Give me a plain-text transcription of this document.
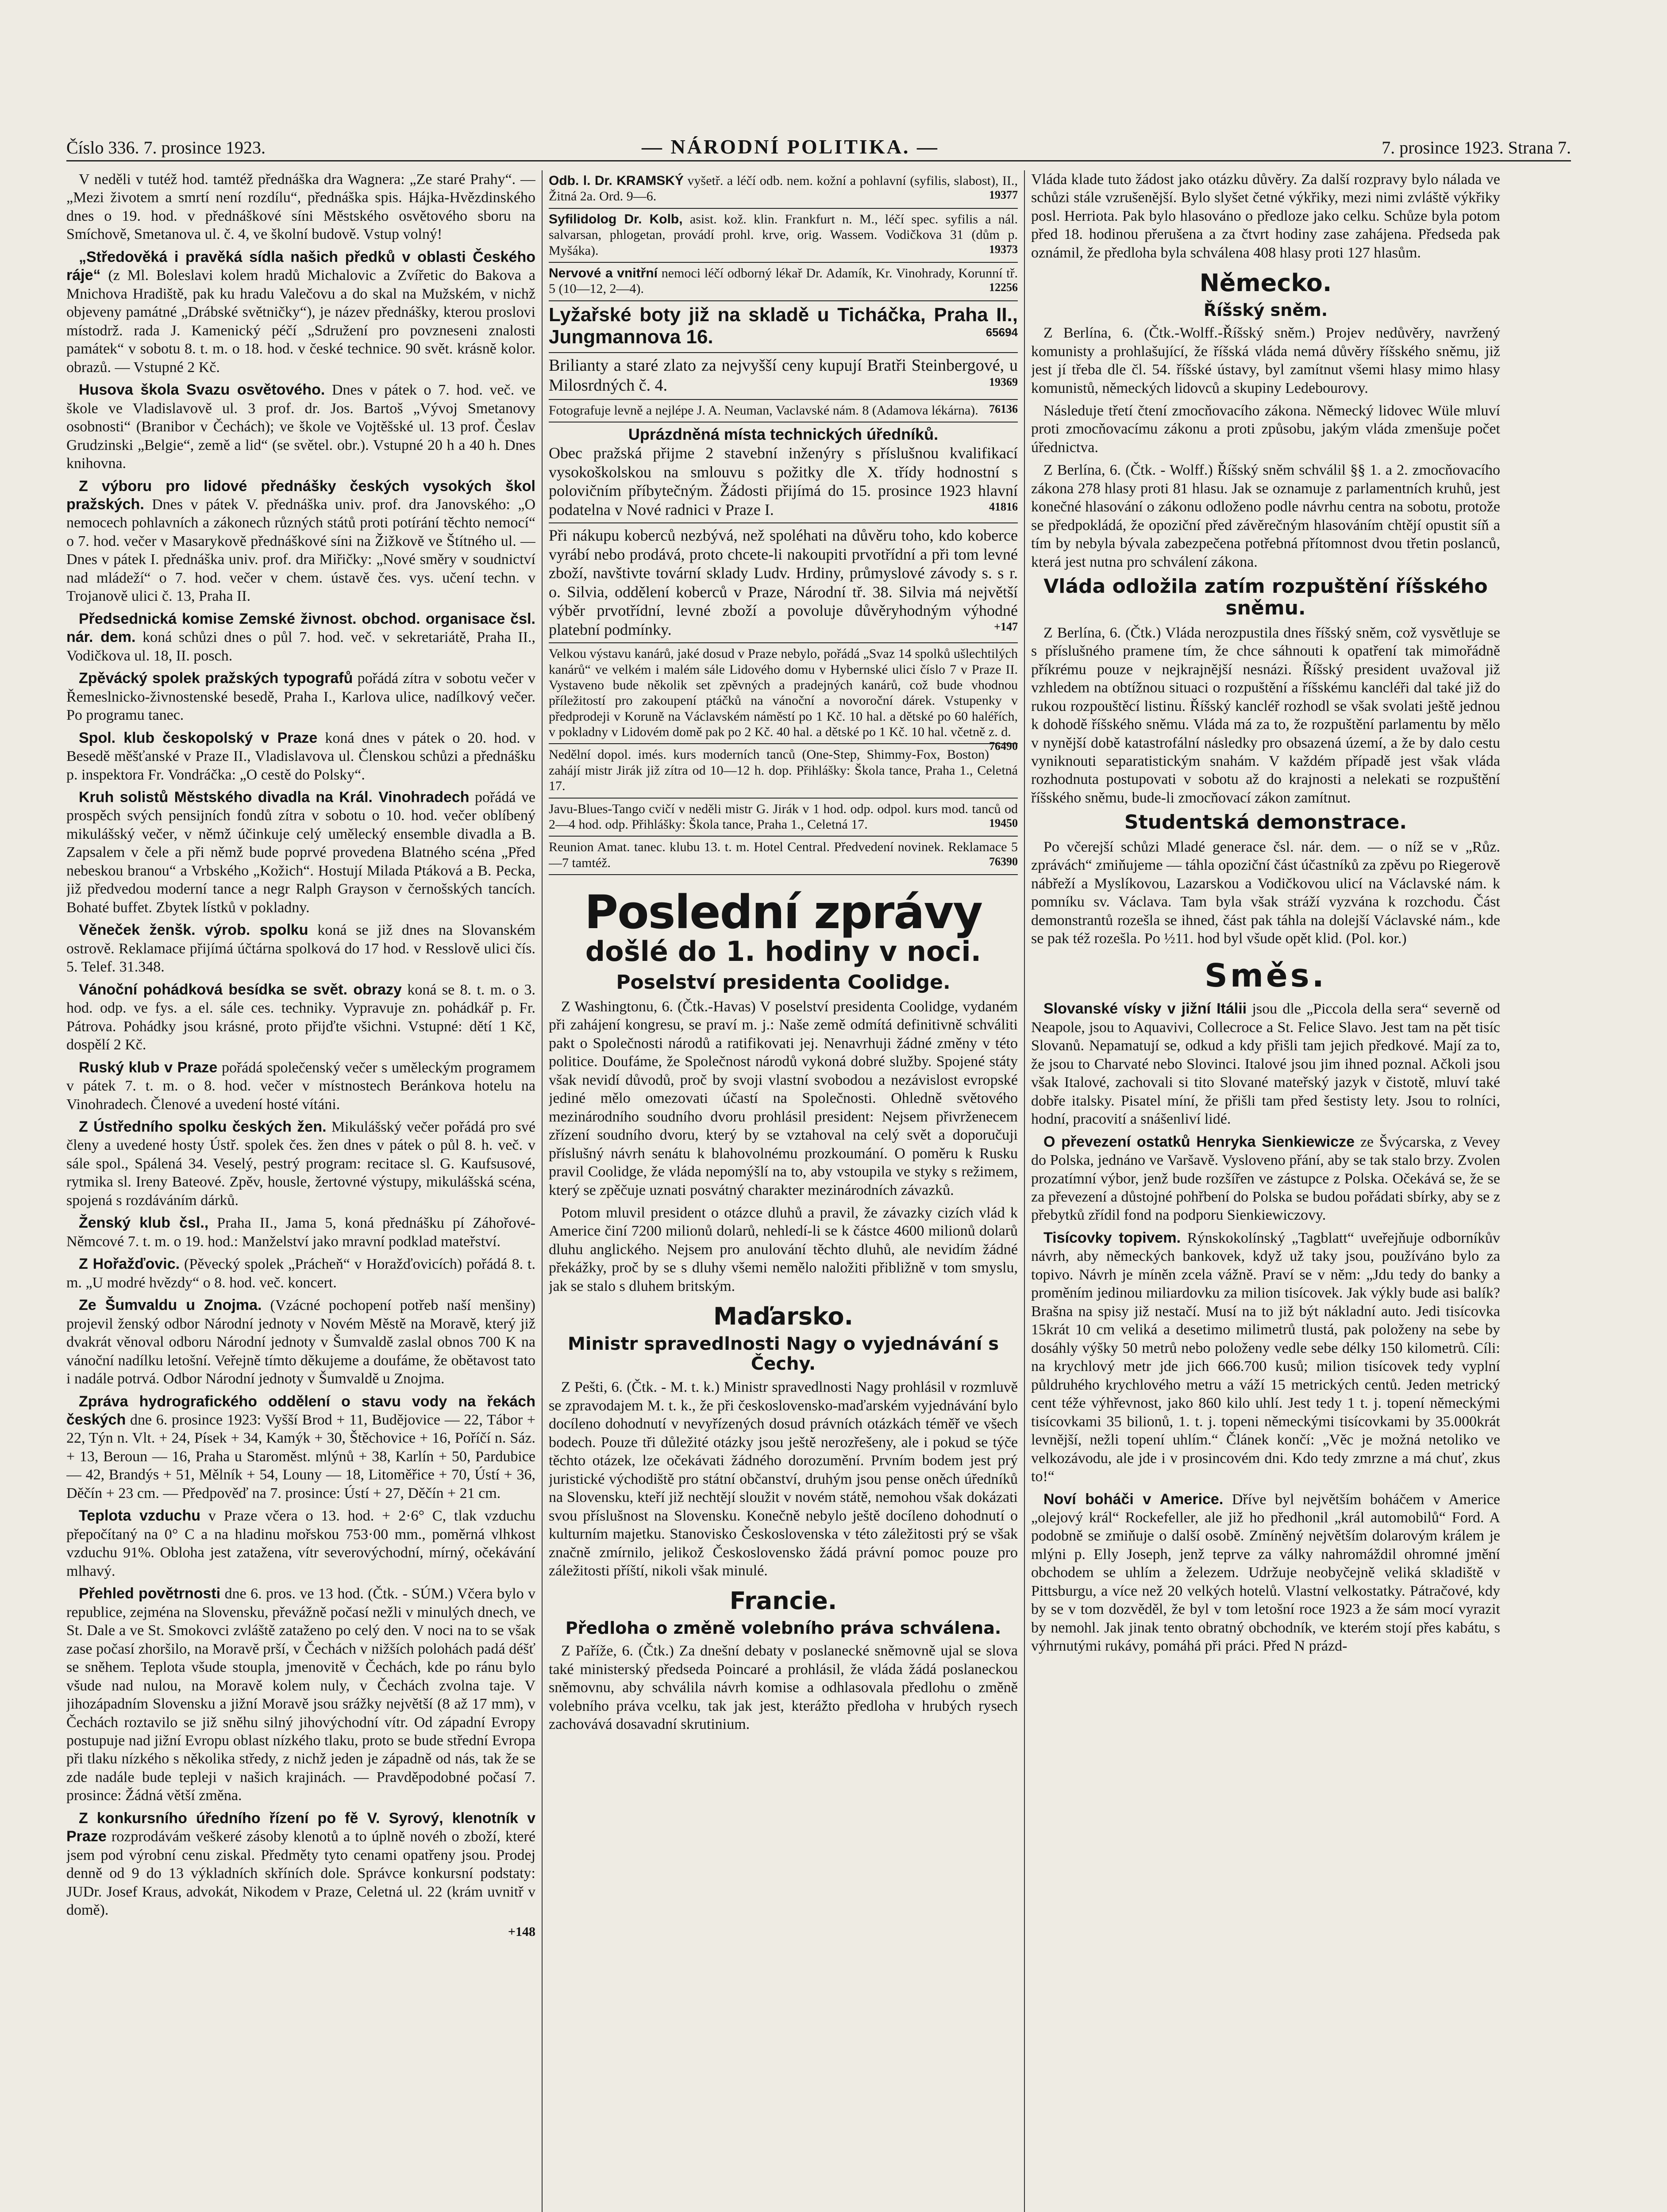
Číslo 336. 7. prosince 1923.	— NÁRODNÍ POLITIKA. —	7. prosince 1923. Strana 7.

V neděli v tutéž hod. tamtéž přednáška dra Wagnera: „Ze staré Prahy“. — „Mezi životem a smrtí není rozdílu“, přednáška spis. Hájka-Hvězdinského dnes o 19. hod. v přednáškové síni Městského osvětového sboru na Smíchově, Smetanova ul. č. 4, ve školní budově. Vstup volný!

„Středověká i pravěká sídla našich předků v oblasti Českého ráje“ (z Ml. Boleslavi kolem hradů Michalovic a Zvířetic do Bakova a Mnichova Hradiště, pak ku hradu Valečovu a do skal na Mužském, v nichž objeveny památné „Drábské světničky“), je název přednášky, kterou proslovi místodrž. rada J. Kamenický péčí „Sdružení pro povzneseni znalosti památek“ v sobotu 8. t. m. o 18. hod. v české technice. 90 svět. krásně kolor. obrazů. — Vstupné 2 Kč.

Husova škola Svazu osvětového. Dnes v pátek o 7. hod. več. ve škole ve Vladislavově ul. 3 prof. dr. Jos. Bartoš „Vývoj Smetanovy osobnosti“ (Branibor v Čechách); ve škole ve Vojtěšské ul. 13 prof. Česlav Grudzinski „Belgie“, země a lid“ (se světel. obr.). Vstupné 20 h a 40 h. Dnes knihovna.

Z výboru pro lidové přednášky českých vysokých škol pražských. Dnes v pátek V. přednáška univ. prof. dra Janovského: „O nemocech pohlavních a zákonech různých států proti potírání těchto nemocí“ o 7. hod. večer v Masarykově přednáškové síni na Žižkově ve Štítného ul. — Dnes v pátek I. přednáška univ. prof. dra Miřičky: „Nové směry v soudnictví nad mládeží“ o 7. hod. večer v chem. ústavě čes. vys. učení techn. v Trojanově ulici č. 13, Praha II.

Předsednická komise Zemské živnost. obchod. organisace čsl. nár. dem. koná schůzi dnes o půl 7. hod. več. v sekretariátě, Praha II., Vodičkova ul. 18, II. posch.

Zpěvácký spolek pražských typografů pořádá zítra v sobotu večer v Řemeslnicko-živnostenské besedě, Praha I., Karlova ulice, nadílkový večer. Po programu tanec.

Spol. klub českopolský v Praze koná dnes v pátek o 20. hod. v Besedě měšťanské v Praze II., Vladislavova ul. Členskou schůzi a přednášku p. inspektora Fr. Vondráčka: „O cestě do Polsky“.

Kruh solistů Městského divadla na Král. Vinohradech pořádá ve prospěch svých pensijních fondů zítra v sobotu o 10. hod. večer oblíbený mikulášský večer, v němž účinkuje celý umělecký ensemble divadla a B. Zapsalem v čele a při němž bude poprvé provedena Blatného scéna „Před nebeskou branou“ a Vrbského „Kožich“. Hostují Milada Ptáková a B. Pecka, již předvedou moderní tance a negr Ralph Grayson v černošských tancích. Bohaté buffet. Zbytek lístků v pokladny.

Věneček ženšk. výrob. spolku koná se již dnes na Slovanském ostrově. Reklamace přijímá účtárna spolková do 17 hod. v Resslově ulici čís. 5. Telef. 31.348.

Vánoční pohádková besídka se svět. obrazy koná se 8. t. m. o 3. hod. odp. ve fys. a el. sále ces. techniky. Vypravuje zn. pohádkář p. Fr. Pátrova. Pohádky jsou krásné, proto přijďte všichni. Vstupné: dětí 1 Kč, dospělí 2 Kč.

Ruský klub v Praze pořádá společenský večer s uměleckým programem v pátek 7. t. m. o 8. hod. večer v místnostech Beránkova hotelu na Vinohradech. Členové a uvedení hosté vítáni.

Z Ústředního spolku českých žen. Mikulášský večer pořádá pro své členy a uvedené hosty Ústř. spolek čes. žen dnes v pátek o půl 8. h. več. v sále spol., Spálená 34. Veselý, pestrý program: recitace sl. G. Kaufsusové, rytmika sl. Ireny Bateové. Zpěv, housle, žertovné výstupy, mikulášská scéna, spojená s rozdáváním dárků.

Ženský klub čsl., Praha II., Jama 5, koná přednášku pí Záhořové-Němcové 7. t. m. o 19. hod.: Manželství jako mravní podklad mateřství.

Z Hořažďovic. (Pěvecký spolek „Prácheň“ v Horažďovicích) pořádá 8. t. m. „U modré hvězdy“ o 8. hod. več. koncert.

Ze Šumvaldu u Znojma. (Vzácné pochopení potřeb naší menšiny) projevil ženský odbor Národní jednoty v Novém Městě na Moravě, který již dvakrát věnoval odboru Národní jednoty v Šumvaldě zaslal obnos 700 K na vánoční nadílku letošní. Veřejně tímto děkujeme a doufáme, že obětavost tato i nadále potrvá. Odbor Národní jednoty v Šumvaldě u Znojma.

Zpráva hydrografického oddělení o stavu vody na řekách českých dne 6. prosince 1923: Vyšší Brod + 11, Budějovice — 22, Tábor + 22, Týn n. Vlt. + 24, Písek + 34, Kamýk + 30, Štěchovice + 16, Poříčí n. Sáz. + 13, Beroun — 16, Praha u Staroměst. mlýnů + 38, Karlín + 50, Pardubice — 42, Brandýs + 51, Mělník + 54, Louny — 18, Litoměřice + 70, Ústí + 36, Děčín + 23 cm. — Předpověď na 7. prosince: Ústí + 27, Děčín + 21 cm.

Teplota vzduchu v Praze včera o 13. hod. + 2·6° C, tlak vzduchu přepočítaný na 0° C a na hladinu mořskou 753·00 mm., poměrná vlhkost vzduchu 91%. Obloha jest zatažena, vítr severovýchodní, mírný, očekávání mlhavý.

Přehled povětrnosti dne 6. pros. ve 13 hod. (Čtk. - SÚM.) Včera bylo v republice, zejména na Slovensku, převážně počasí nežli v minulých dnech, ve St. Dale a ve St. Smokovci zvláště zataženo po celý den. V noci na to se však zase počasí zhoršilo, na Moravě prší, v Čechách v nižších polohách padá déšť se sněhem. Teplota všude stoupla, jmenovitě v Čechách, kde po ránu bylo všude nad nulou, na Moravě kolem nuly, v Čechách zvolna taje. V jihozápadním Slovensku a jižní Moravě jsou srážky největší (8 až 17 mm), v Čechách roztavilo se již sněhu silný jihovýchodní vítr. Od západní Evropy postupuje nad jižní Evropu oblast nízkého tlaku, proto se bude střední Evropa při tlaku nízkého s několika středy, z nichž jeden je západně od nás, tak že se zde nadále bude tepleji v našich krajinách. — Pravděpodobné počasí 7. prosince: Žádná větší změna.

Z konkursního úředního řízení po fě V. Syrový, klenotník v Praze rozprodávám veškeré zásoby klenotů a to úplně novéh o zboží, které jsem pod výrobní cenu ziskal. Předměty tyto cenami opatřeny jsou. Prodej denně od 9 do 13 výkladních skříních dole. Správce konkursní podstaty: JUDr. Josef Kraus, advokát, Nikodem v Praze, Celetná ul. 22 (krám uvnitř v domě).

+148
Odb. l. Dr. KRAMSKÝ vyšetř. a léčí odb. nem. kožní a pohlavní (syfilis, slabost), II., Žitná 2a. Ord. 9—6.	19377
Syfilidolog Dr. Kolb, asist. kož. klin. Frankfurt n. M., léčí spec. syfilis a nál. salvarsan, phlogetan, provádí prohl. krve, orig. Wassem. Vodičkova 31 (dům p. Myšáka).	19373
Nervové a vnitřní nemoci léčí odborný lékař Dr. Adamík, Kr. Vinohrady, Korunní tř. 5 (10—12, 2—4).	12256
Lyžařské boty již na skladě u Ticháčka, Praha II., Jungmannova 16.	65694
Brilianty a staré zlato za nejvyšší ceny kupují Bratři Steinbergové, u Milosrdných č. 4.	19369
Fotografuje levně a nejlépe J. A. Neuman, Vaclavské nám. 8 (Adamova lékárna). 76136
Uprázdněná místa technických úředníků.
Obec pražská přijme 2 stavební inženýry s příslušnou kvalifikací vysokoškolskou na smlouvu s požitky dle X. třídy hodnostní s polovičním příbytečným. Žádosti přijímá do 15. prosince 1923 hlavní podatelna v Nové radnici v Praze I.	41816
Při nákupu koberců nezbývá, než spoléhati na důvěru toho, kdo koberce vyrábí nebo prodává, proto chcete-li nakoupiti prvotřídní a při tom levné zboží, navštivte tovární sklady Ludv. Hrdiny, průmyslové závody s. s r. o. Silvia, oddělení koberců v Praze, Národní tř. 38. Silvia má největší výběr prvotřídní, levné zboží a povoluje důvěryhodným výhodné platební podmínky.	+147
Velkou výstavu kanárů, jaké dosud v Praze nebylo, pořádá „Svaz 14 spolků ušlechtilých kanárů“ ve velkém i malém sále Lidového domu v Hybernské ulici číslo 7 v Praze II. Vystaveno bude několik set zpěvných a pradejných kanárů, což bude vhodnou příležitostí pro zakoupení ptáčků na vánoční a novoroční dárek. Vstupenky v předprodeji v Koruně na Václavském náměstí po 1 Kč. 10 hal. a dětské po 60 haléřích, v pokladny v Lidovém domě pak po 2 Kč. 40 hal. a dětské po 1 Kč. 10 hal. včetně z. d.
76490
Nedělní dopol. imés. kurs moderních tanců (One-Step, Shimmy-Fox, Boston) zahájí mistr Jirák již zítra od 10—12 h. dop. Přihlášky: Škola tance, Praha 1., Celetná 17.
Javu-Blues-Tango cvičí v neděli mistr G. Jirák v 1 hod. odp. odpol. kurs mod. tanců od 2—4 hod. odp. Přihlášky: Škola tance, Praha 1., Celetná 17.	19450
Reunion Amat. tanec. klubu 13. t. m. Hotel Central. Předvedení novinek. Reklamace 5—7 tamtéž.	76390
Poslední zprávy
došlé do 1. hodiny v noci.
Poselství presidenta Coolidge.

Z Washingtonu, 6. (Čtk.-Havas) V poselství presidenta Coolidge, vydaném při zahájení kongresu, se praví m. j.: Naše země odmítá definitivně schváliti pakt o Společnosti národů a ratifikovati jej. Nenavrhuji žádné změny v této politice. Doufáme, že Společnost národů vykoná dobré služby. Spojené státy však nevidí důvodů, proč by svoji vlastní svobodou a nezávislost evropské jediné mělo omezovati účastí na Společnosti. Ohledně světového mezinárodního soudního dvoru prohlásil president: Nejsem přivrženecem zřízení soudního dvoru, který by se vztahoval na celý svět a doporučuji příslušný návrh senátu k blahovolnému prozkoumání. O poměru k Rusku pravil Coolidge, že vláda nepomýšlí na to, aby vstoupila ve styky s režimem, který se zpěčuje uznati posvátný charakter mezinárodních závazků.

Potom mluvil president o otázce dluhů a pravil, že závazky cizích vlád k Americe činí 7200 milionů dolarů, nehledí-li se k částce 4600 milionů dolarů dluhu anglického. Nejsem pro anulování těchto dluhů, ale nevidím žádné překážky, proč by se s dluhy všemi nemělo naložiti přibližně v tom smyslu, jak se stalo s dluhem britským.

Maďarsko.
Ministr spravedlnosti Nagy o vyjednávání s Čechy.

Z Pešti, 6. (Čtk. - M. t. k.) Ministr spravedlnosti Nagy prohlásil v rozmluvě se zpravodajem M. t. k., že při československo-maďarském vyjednávání bylo docíleno dohodnutí v nevyřízených dosud právních otázkách téměř ve všech bodech. Pouze tři důležité otázky jsou ještě nerozřešeny, ale i pokud se týče těchto otázek, lze očekávati žádného dorozumění. Prvním bodem jest prý juristické východiště pro státní občanství, druhým jsou pense oněch úředníků na Slovensku, kteří již nechtějí sloužit v novém státě, nemohou však dokázati svou příslušnost na Slovensku. Konečně nebylo ještě docíleno dohodnutí o kulturním majetku. Stanovisko Československa v této záležitosti prý se však značně zmírnilo, jelikož Československo žádá právní pomoc pouze pro záležitosti příští, nikoli však minulé.

Francie.
Předloha o změně volebního práva schválena.

Z Paříže, 6. (Čtk.) Za dnešní debaty v poslanecké sněmovně ujal se slova také ministerský předseda Poincaré a prohlásil, že vláda žádá poslaneckou sněmovnu, aby schválila návrh komise a odhlasovala předlohu o změně volebního práva vcelku, tak jak jest, kterážto předloha v hrubých rysech zachovává dosavadní skrutinium.

Vláda klade tuto žádost jako otázku důvěry. Za další rozpravy bylo nálada ve schůzi stále vzrušenější. Bylo slyšet četné výkřiky, mezi nimi zvláště výkřiky posl. Herriota. Pak bylo hlasováno o předloze jako celku. Schůze byla potom před 18. hodinou přerušena a za čtvrt hodiny zase zahájena. Předseda pak oznámil, že předloha byla schválena 408 hlasy proti 127 hlasům.

Německo.
Říšský sněm.

Z Berlína, 6. (Čtk.-Wolff.-Říšský sněm.) Projev nedůvěry, navržený komunisty a prohlašující, že říšská vláda nemá důvěry říšského sněmu, již jest jí třeba dle čl. 54. říšské ústavy, byl zamítnut všemi hlasy mimo hlasy komunistů, německých lidovců a skupiny Ledebourovy.

Následuje třetí čtení zmocňovacího zákona. Německý lidovec Wüle mluví proti zmocňovacímu zákonu a proti způsobu, jakým vláda zmenšuje počet úřednictva.

Z Berlína, 6. (Čtk. - Wolff.) Říšský sněm schválil §§ 1. a 2. zmocňovacího zákona 278 hlasy proti 81 hlasu. Jak se oznamuje z parlamentních kruhů, jest konečné hlasování o zákonu odloženo podle návrhu centra na sobotu, protože se předpokládá, že opoziční před závěrečným hlasováním chtějí opustit síň a tím by nebyla bývala zabezpečena potřebná přítomnost dvou třetin poslanců, která jest nutna pro schválení zákona.

Vláda odložila zatím rozpuštění říšského sněmu.

Z Berlína, 6. (Čtk.) Vláda nerozpustila dnes říšský sněm, což vysvětluje se s příslušného pramene tím, že chce sáhnouti k opatření tak mimořádně příkrému pouze v nejkrajnější nesnázi. Říšský president uvažoval již vzhledem na obtížnou situaci o rozpuštění a říšskému kancléři dal také již do rukou rozpouštěcí listinu. Říšský kancléř rozhodl se však svolati ještě jednou k dohodě říšského sněmu. Vláda má za to, že rozpuštění parlamentu by mělo v nynější době katastrofální následky pro obsazená území, a že by dalo cestu vyniknouti separatistickým snahám. V každém případě jest však vláda rozhodnuta postupovati v sobotu až do krajnosti a nelekati se rozpuštění říšského sněmu, bude-li zmocňovací zákon zamítnut.

Studentská demonstrace.

Po včerejší schůzi Mladé generace čsl. nár. dem. — o níž se v „Růz. zprávách“ zmiňujeme — táhla opoziční část účastníků za zpěvu po Riegerově nábřeží a Myslíkovou, Lazarskou a Vodičkovou ulicí na Václavské nám. k pomníku sv. Václava. Tam byla však stráží vyzvána k rozchodu. Část demonstrantů rozešla se ihned, část pak táhla na dolejší Václavské nám., kde se pak též rozešla. Po ½11. hod byl všude opět klid. (Pol. kor.)

Směs.

Slovanské vísky v jižní Itálii jsou dle „Piccola della sera“ severně od Neapole, jsou to Aquavivi, Collecroce a St. Felice Slavo. Jest tam na pět tisíc Slovanů. Nepamatují se, odkud a kdy přišli tam jejich předkové. Mají za to, že jsou to Charvaté nebo Slovinci. Italové jsou jim ihned poznal. Ačkoli jsou však Italové, zachovali si tito Slované mateřský jazyk v čistotě, mluví také dobře italsky. Pisatel míní, že přišli tam před šestisty lety. Jsou to rolníci, hodní, pracovití a snášenliví lidé.

O převezení ostatků Henryka Sienkiewicze ze Švýcarska, z Vevey do Polska, jednáno ve Varšavě. Vysloveno přání, aby se tak stalo brzy. Zvolen prozatímní výbor, jenž bude rozšířen ve zástupce z Polska. Očekává se, že se za převezení a důstojné pohřbení do Polska se budou pořádati sbírky, aby se z přebytků zřídil fond na podporu Sienkiewiczovy.

Tisícovky topivem. Rýnskokolínský „Tagblatt“ uveřejňuje odborníkův návrh, aby německých bankovek, když už taky jsou, používáno bylo za topivo. Návrh je míněn zcela vážně. Praví se v něm: „Jdu tedy do banky a proměním jedinou miliardovku za milion tisícovek. Jak výkly bude asi balík? Brašna na spisy již nestačí. Musí na to již být nákladní auto. Jedi tisícovka 15krát 10 cm veliká a desetimo milimetrů tlustá, pak položeny na sebe by dosáhly výšky 50 metrů nebo položeny vedle sebe délky 150 kilometrů. Cíli: na krychlový metr jde jich 666.700 kusů; milion tisícovek tedy vyplní půldruhého krychlového metru a váží 15 metrických centů. Jeden metrický cent téže výhřevnost, jako 860 kilo uhlí. Jest tedy 1 t. j. topení německými tisícovkami 35 bilionů, 1. t. j. topeni německými tisícovkami by 35.000krát levnější, nežli topení uhlím.“ Článek končí: „Věc je možná netoliko ve velkozávodu, ale jde i v prosincovém dni. Kdo tedy zmrzne a má chuť, zkus to!“

Noví boháči v Americe. Dříve byl největším boháčem v Americe „olejový král“ Rockefeller, ale již ho předhonil „král automobilů“ Ford. A podobně se zmiňuje o další osobě. Zmíněný největším dolarovým králem je mlýni p. Elly Joseph, jenž teprve za války nahromáždil ohromné jmění obchodem se uhlím a železem. Udržuje neobyčejně veliká skladiště v Pittsburgu, a více než 20 velkých hotelů. Vlastní velkostatky. Pátračové, kdy by se v tom dozvěděl, že byl v tom letošní roce 1923 a že sám mocí vyrazit by nemohl. Jak jinak tento obratný obchodník, ve kterém stojí přes kabátu, s výhrnutými rukávy, pomáhá při práci. Před N prázd-
